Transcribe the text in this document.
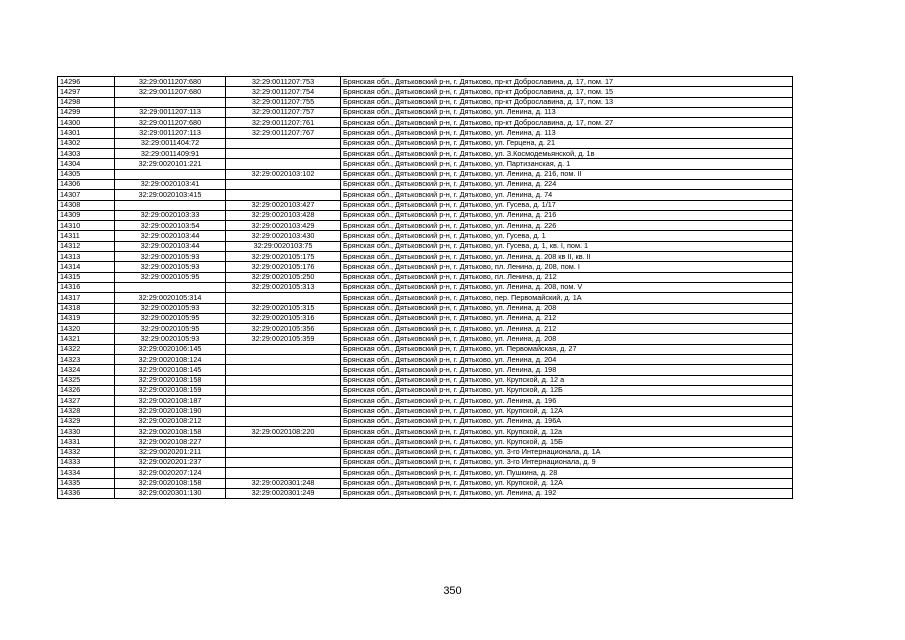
14296	32:29:0011207:680	32:29:0011207:753	Брянская обл., Дятьковский р-н, г. Дятьково, пр-кт Доброславина, д. 17, пом. 17
14297	32:29:0011207:680	32:29:0011207:754	Брянская обл., Дятьковский р-н, г. Дятьково, пр-кт Доброславина, д. 17, пом. 15
14298		32:29:0011207:755	Брянская обл., Дятьковский р-н, г. Дятьково, пр-кт Доброславина, д. 17, пом. 13
14299	32:29:0011207:113	32:29:0011207:757	Брянская обл., Дятьковский р-н, г. Дятьково, ул. Ленина, д. 113
14300	32:29:0011207:680	32:29:0011207:761	Брянская обл., Дятьковский р-н, г. Дятьково, пр-кт Доброславина, д. 17, пом. 27
14301	32:29:0011207:113	32:29:0011207:767	Брянская обл., Дятьковский р-н, г. Дятьково, ул. Ленина, д. 113
14302	32:29:0011404:72		Брянская обл., Дятьковский р-н, г. Дятьково, ул. Герцена, д. 21
14303	32:29:0011409:91		Брянская обл., Дятьковский р-н, г. Дятьково, ул. З.Космодемьянской, д. 1в
14304	32:29:0020101:221		Брянская обл., Дятьковский р-н, г. Дятьково, ул. Партизанская, д. 1
14305		32:29:0020103:102	Брянская обл., Дятьковский р-н, г. Дятьково, ул. Ленина, д. 216, пом. II
14306	32:29:0020103:41		Брянская обл., Дятьковский р-н, г. Дятьково, ул. Ленина, д. 224
14307	32:29:0020103:415		Брянская обл., Дятьковский р-н, г. Дятьково, ул. Ленина, д. 74
14308		32:29:0020103:427	Брянская обл., Дятьковский р-н, г. Дятьково, ул. Гусева, д. 1/17
14309	32:29:0020103:33	32:29:0020103:428	Брянская обл., Дятьковский р-н, г. Дятьково, ул. Ленина, д. 216
14310	32:29:0020103:54	32:29:0020103:429	Брянская обл., Дятьковский р-н, г. Дятьково, ул. Ленина, д. 226
14311	32:29:0020103:44	32:29:0020103:430	Брянская обл., Дятьковский р-н, г. Дятьково, ул. Гусева, д. 1
14312	32:29:0020103:44	32:29:0020103:75	Брянская обл., Дятьковский р-н, г. Дятьково, ул. Гусева, д. 1, кв. I, пом. 1
14313	32:29:0020105:93	32:29:0020105:175	Брянская обл., Дятьковский р-н, г. Дятьково, ул. Ленина, д. 208 кв II, кв. II
14314	32:29:0020105:93	32:29:0020105:176	Брянская обл., Дятьковский р-н, г. Дятьково, пл. Ленина, д. 208, пом. I
14315	32:29:0020105:95	32:29:0020105:250	Брянская обл., Дятьковский р-н, г. Дятьково, пл. Ленина, д. 212
14316		32:29:0020105:313	Брянская обл., Дятьковский р-н, г. Дятьково, ул. Ленина, д. 208, пом. V
14317	32:29:0020105:314		Брянская обл., Дятьковский р-н, г. Дятьково, пер. Первомайский, д. 1А
14318	32:29:0020105:93	32:29:0020105:315	Брянская обл., Дятьковский р-н, г. Дятьково, ул. Ленина, д. 208
14319	32:29:0020105:95	32:29:0020105:316	Брянская обл., Дятьковский р-н, г. Дятьково, ул. Ленина, д. 212
14320	32:29:0020105:95	32:29:0020105:356	Брянская обл., Дятьковский р-н, г. Дятьково, ул. Ленина, д. 212
14321	32:29:0020105:93	32:29:0020105:359	Брянская обл., Дятьковский р-н, г. Дятьково, ул. Ленина, д. 208
14322	32:29:0020106:145		Брянская обл., Дятьковский р-н, г. Дятьково, ул. Первомайская, д. 27
14323	32:29:0020108:124		Брянская обл., Дятьковский р-н, г. Дятьково, ул. Ленина, д. 204
14324	32:29:0020108:145		Брянская обл., Дятьковский р-н, г. Дятьково, ул. Ленина, д. 198
14325	32:29:0020108:158		Брянская обл., Дятьковский р-н, г. Дятьково, ул. Крупской, д. 12 а
14326	32:29:0020108:159		Брянская обл., Дятьковский р-н, г. Дятьково, ул. Крупской, д. 12Б
14327	32:29:0020108:187		Брянская обл., Дятьковский р-н, г. Дятьково, ул. Ленина, д. 196
14328	32:29:0020108:190		Брянская обл., Дятьковский р-н, г. Дятьково, ул. Крупской, д. 12А
14329	32:29:0020108:212		Брянская обл., Дятьковский р-н, г. Дятьково, ул. Ленина, д. 196А
14330	32:29:0020108:158	32:29:0020108:220	Брянская обл., Дятьковский р-н, г. Дятьково, ул. Крупской, д. 12а
14331	32:29:0020108:227		Брянская обл., Дятьковский р-н, г. Дятьково, ул. Крупской, д. 15Б
14332	32:29:0020201:211		Брянская обл., Дятьковский р-н, г. Дятьково, ул. 3-го Интернационала, д. 1А
14333	32:29:0020201:237		Брянская обл., Дятьковский р-н, г. Дятьково, ул. 3-го Интернационала, д. 9
14334	32:29:0020207:124		Брянская обл., Дятьковский р-н, г. Дятьково, ул. Пушкина, д. 28
14335	32:29:0020108:158	32:29:0020301:248	Брянская обл., Дятьковский р-н, г. Дятьково, ул. Крупской, д. 12А
14336	32:29:0020301:130	32:29:0020301:249	Брянская обл., Дятьковский р-н, г. Дятьково, ул. Ленина, д. 192
350
